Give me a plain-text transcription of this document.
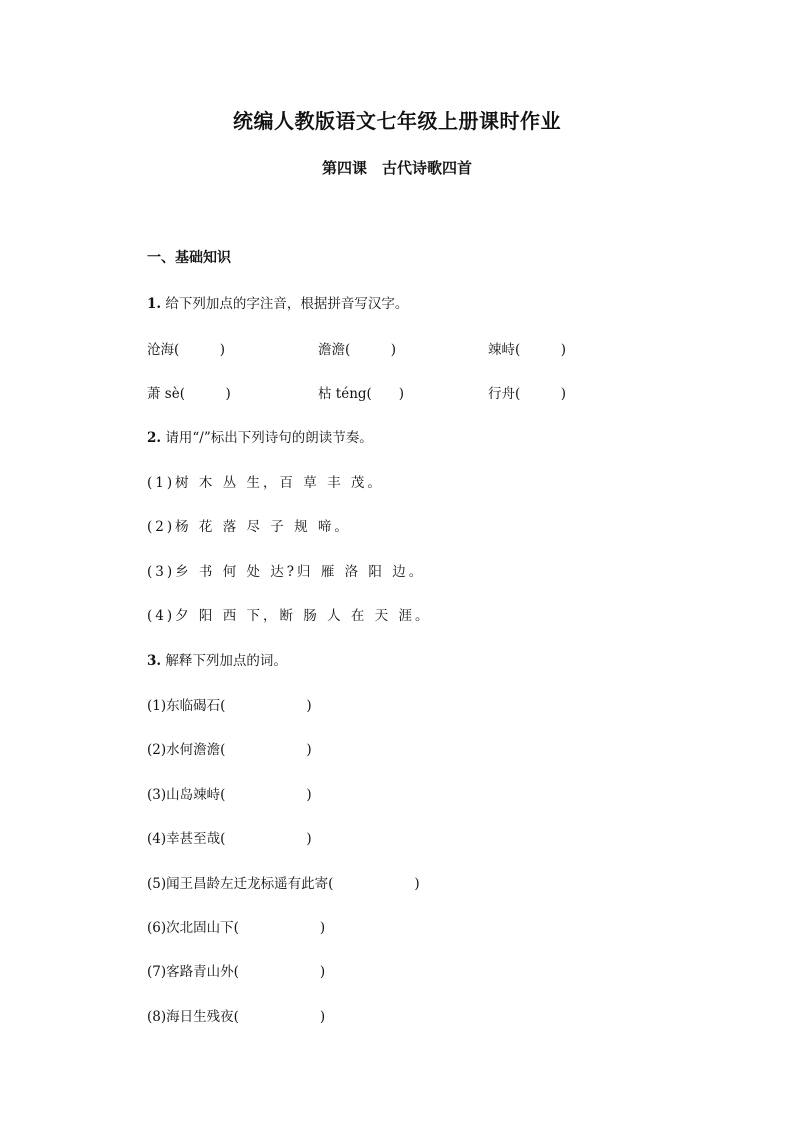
统编人教版语文七年级上册课时作业
第四课　古代诗歌四首
一、基础知识
1. 给下列加点的字注音，根据拼音写汉字。
沧海(　　　)	澹澹(　　　)	竦峙(　　　)
萧 sè(　　　)	枯 téng(　　)	行舟(　　　)
2. 请用“/”标出下列诗句的朗读节奏。
(1)树 木 丛 生，百 草 丰 茂。
(2)杨 花 落 尽 子 规 啼。
(3)乡 书 何 处 达?归 雁 洛 阳 边。
(4)夕 阳 西 下，断 肠 人 在 天 涯。
3. 解释下列加点的词。
(1)东临碣石(　　　　　　)
(2)水何澹澹(　　　　　　)
(3)山岛竦峙(　　　　　　)
(4)幸甚至哉(　　　　　　)
(5)闻王昌龄左迁龙标遥有此寄(　　　　　　)
(6)次北固山下(　　　　　　)
(7)客路青山外(　　　　　　)
(8)海日生残夜(　　　　　　)
